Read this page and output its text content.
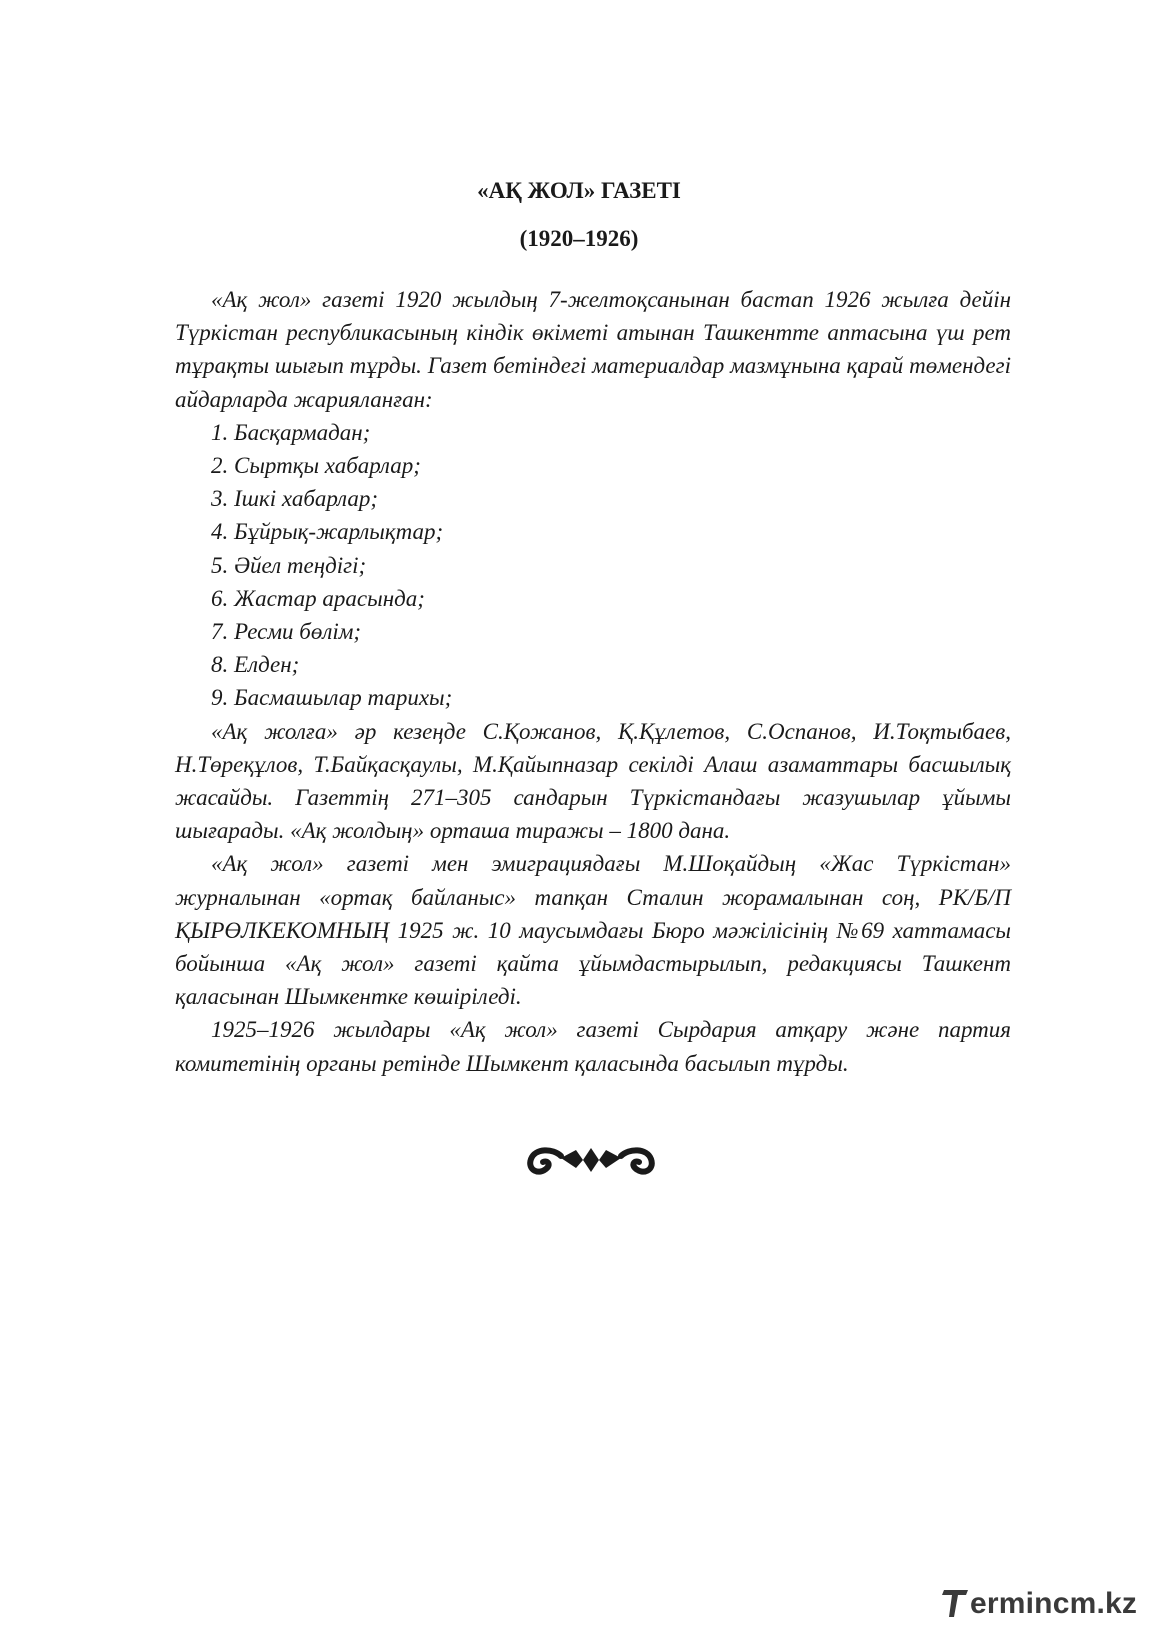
«АҚ ЖОЛ» ГАЗЕТІ
(1920–1926)

«Ақ жол» газеті 1920 жылдың 7-желтоқсанынан бастап 1926 жылға дейін Түркістан республикасының кіндік өкіметі атынан Ташкентте аптасына үш рет тұрақты шығып тұрды. Газет бетіндегі материалдар мазмұнына қарай төмендегі айдарларда жарияланған:

1. Басқармадан;
2. Сыртқы хабарлар;
3. Ішкі хабарлар;
4. Бұйрық-жарлықтар;
5. Әйел теңдігі;
6. Жастар арасында;
7. Ресми бөлім;
8. Елден;
9. Басмашылар тарихы;

«Ақ жолға» әр кезеңде С.Қожанов, Қ.Құлетов, С.Оспанов, И.Тоқтыбаев, Н.Төреқұлов, Т.Байқасқаулы, М.Қайыпназар секілді Алаш азаматтары басшылық жасайды. Газеттің 271–305 сандарын Түркістандағы жазушылар ұйымы шығарады. «Ақ жолдың» орташа тиражы – 1800 дана.

«Ақ жол» газеті мен эмиграциядағы М.Шоқайдың «Жас Түркістан» журналынан «ортақ байланыс» тапқан Сталин жорамалынан соң, РК/Б/П ҚЫРӨЛКЕКОМНЫҢ 1925 ж. 10 маусымдағы Бюро мәжілісінің №69 хаттамасы бойынша «Ақ жол» газеті қайта ұйымдастырылып, редакциясы Ташкент қаласынан Шымкентке көшіріледі.

1925–1926 жылдары «Ақ жол» газеті Сырдария атқару және партия комитетінің органы ретінде Шымкент қаласында басылып тұрды.

ermincm.kz
